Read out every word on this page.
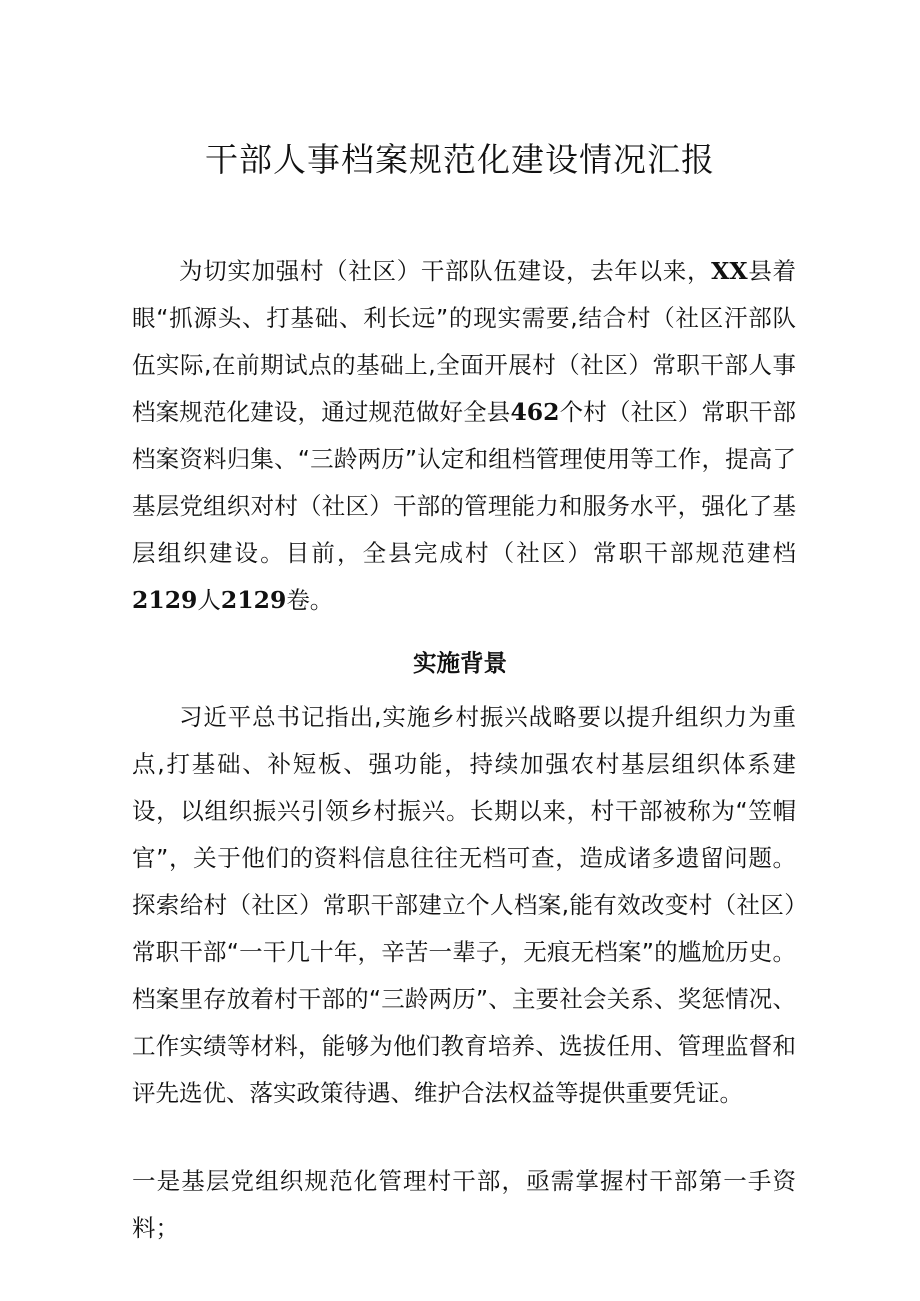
干部人事档案规范化建设情况汇报

为切实加强村（社区）干部队伍建设，去年以来，XX县着眼“抓源头、打基础、利长远”的现实需要,结合村（社区汗部队伍实际,在前期试点的基础上,全面开展村（社区）常职干部人事档案规范化建设，通过规范做好全县462个村（社区）常职干部档案资料归集、“三龄两历”认定和组档管理使用等工作，提高了基层党组织对村（社区）干部的管理能力和服务水平，强化了基层组织建设。目前，全县完成村（社区）常职干部规范建档2129人2129卷。

实施背景

习近平总书记指出,实施乡村振兴战略要以提升组织力为重点,打基础、补短板、强功能，持续加强农村基层组织体系建设，以组织振兴引领乡村振兴。长期以来，村干部被称为“笠帽官”，关于他们的资料信息往往无档可查，造成诸多遗留问题。探索给村（社区）常职干部建立个人档案,能有效改变村（社区）常职干部“一干几十年，辛苦一辈子，无痕无档案”的尴尬历史。档案里存放着村干部的“三龄两历”、主要社会关系、奖惩情况、工作实绩等材料，能够为他们教育培养、选拔任用、管理监督和评先选优、落实政策待遇、维护合法权益等提供重要凭证。

一是基层党组织规范化管理村干部，亟需掌握村干部第一手资料；
